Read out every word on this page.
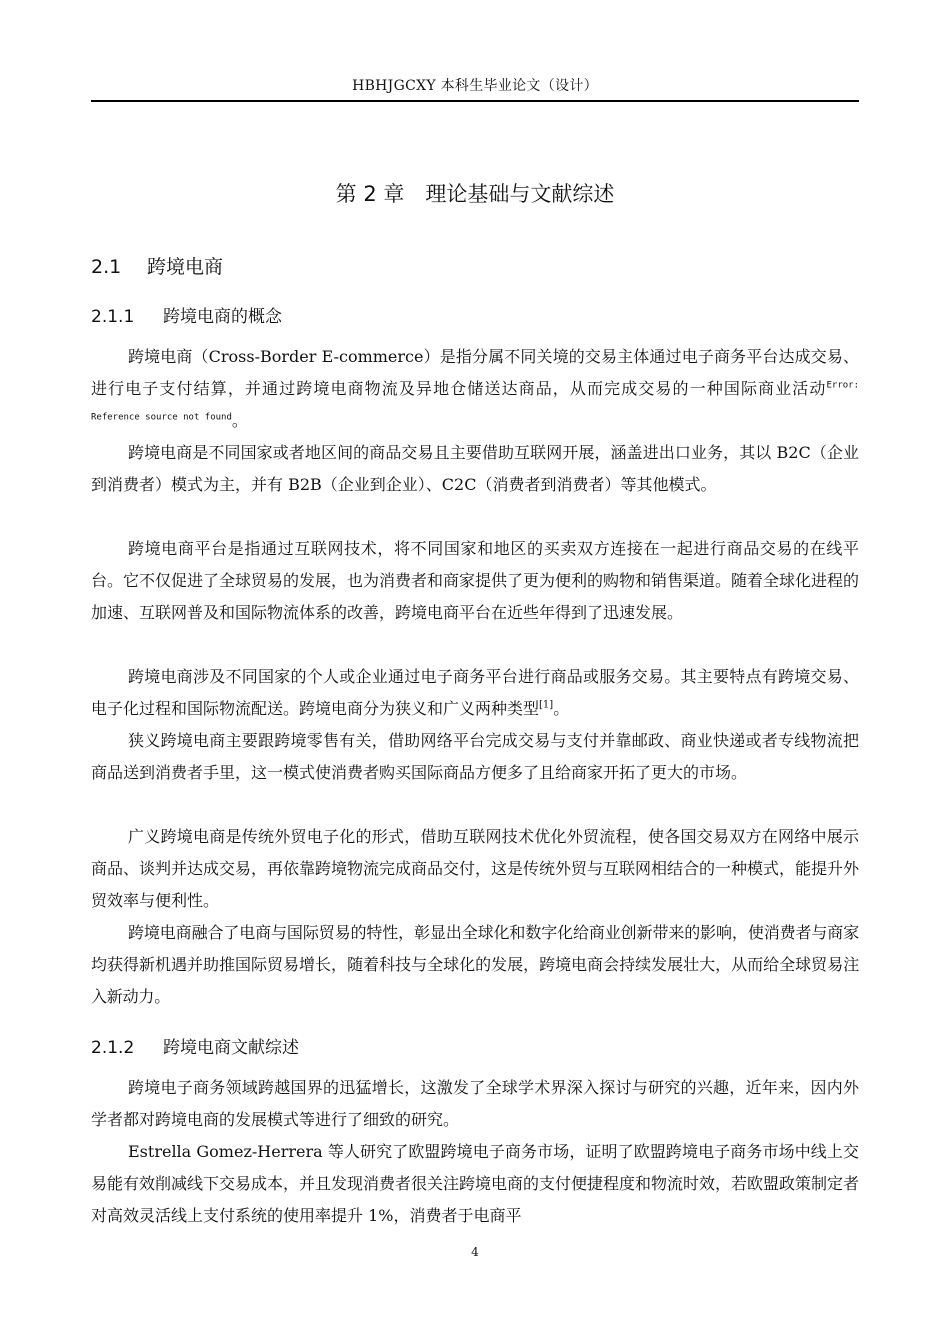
HBHJGCXY 本科生毕业论文（设计）
第 2 章　理论基础与文献综述
2.1 跨境电商
2.1.1 跨境电商的概念

跨境电商（Cross-Border E-commerce）是指分属不同关境的交易主体通过电子商务平台达成交易、进行电子支付结算，并通过跨境电商物流及异地仓储送达商品，从而完成交易的一种国际商业活动$^{Error: Reference source not found}$。

跨境电商是不同国家或者地区间的商品交易且主要借助互联网开展，涵盖进出口业务，其以 B2C（企业到消费者）模式为主，并有 B2B（企业到企业）、C2C（消费者到消费者）等其他模式。

跨境电商平台是指通过互联网技术，将不同国家和地区的买卖双方连接在一起进行商品交易的在线平台。它不仅促进了全球贸易的发展，也为消费者和商家提供了更为便利的购物和销售渠道。随着全球化进程的加速、互联网普及和国际物流体系的改善，跨境电商平台在近些年得到了迅速发展。

跨境电商涉及不同国家的个人或企业通过电子商务平台进行商品或服务交易。其主要特点有跨境交易、电子化过程和国际物流配送。跨境电商分为狭义和广义两种类型[1]。

狭义跨境电商主要跟跨境零售有关，借助网络平台完成交易与支付并靠邮政、商业快递或者专线物流把商品送到消费者手里，这一模式使消费者购买国际商品方便多了且给商家开拓了更大的市场。

广义跨境电商是传统外贸电子化的形式，借助互联网技术优化外贸流程，使各国交易双方在网络中展示商品、谈判并达成交易，再依靠跨境物流完成商品交付，这是传统外贸与互联网相结合的一种模式，能提升外贸效率与便利性。

跨境电商融合了电商与国际贸易的特性，彰显出全球化和数字化给商业创新带来的影响，使消费者与商家均获得新机遇并助推国际贸易增长，随着科技与全球化的发展，跨境电商会持续发展壮大，从而给全球贸易注入新动力。

2.1.2 跨境电商文献综述

跨境电子商务领域跨越国界的迅猛增长，这激发了全球学术界深入探讨与研究的兴趣，近年来，因内外学者都对跨境电商的发展模式等进行了细致的研究。

Estrella Gomez-Herrera 等人研究了欧盟跨境电子商务市场，证明了欧盟跨境电子商务市场中线上交易能有效削减线下交易成本，并且发现消费者很关注跨境电商的支付便捷程度和物流时效，若欧盟政策制定者对高效灵活线上支付系统的使用率提升 1%，消费者于电商平

4
